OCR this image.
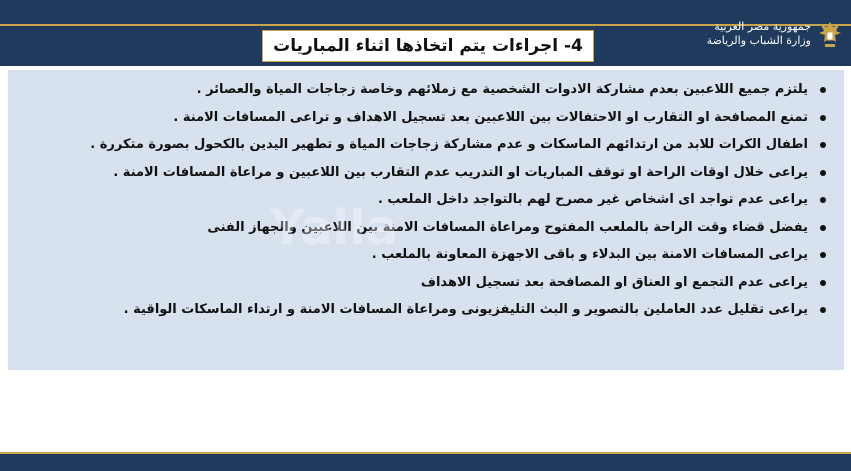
جمهورية مصر العربية
وزارة الشباب والرياضة
4- اجراءات يتم اتخاذها اثناء المباريات
يلتزم جميع اللاعبين بعدم مشاركة الادوات الشخصية مع زملائهم وخاصة زجاجات المياة والعصائر .
تمنع المصافحة او التقارب او الاحتفالات بين اللاعبين بعد تسجيل الاهداف و تراعى المسافات الامنة .
اطفال الكرات للابد من ارتدائهم الماسكات و عدم مشاركة زجاجات المياة و تطهير اليدين بالكحول بصورة متكررة .
يراعى خلال اوقات الراحة او توقف المباريات او التدريب عدم التقارب بين اللاعبين و مراعاة المسافات الامنة .
يراعى عدم تواجد اى اشخاص غير مصرح لهم بالتواجد داخل الملعب .
يفضل قضاء وقت الراحة بالملعب المفتوح ومراعاة المسافات الامنة بين اللاعبين والجهاز الفنى
يراعى المسافات الامنة بين البدلاء و باقى الاجهزة المعاونة بالملعب .
يراعى عدم التجمع او العناق او المصافحة بعد تسجيل الاهداف
يراعى تقليل عدد العاملين بالتصوير و البث التليفزيونى ومراعاة المسافات الامنة و ارتداء الماسكات الواقية .
Yalla
